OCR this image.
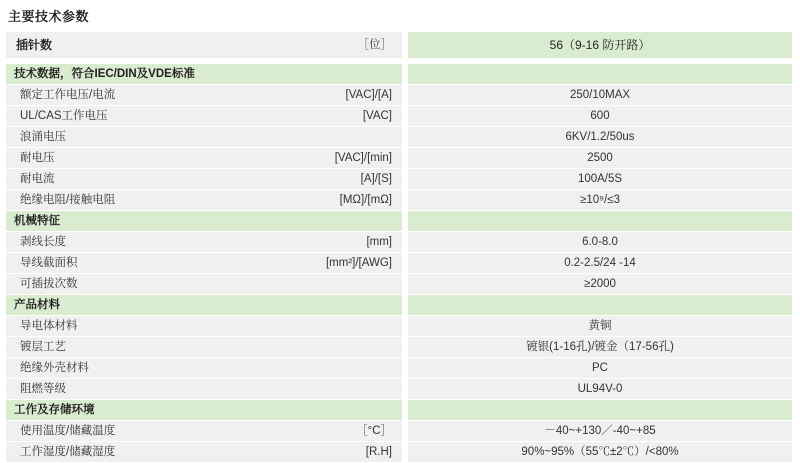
主要技术参数
插针数	［位］		56（9-16 防开路）

技术数据，符合IEC/DIN及VDE标准			
额定工作电压/电流	[VAC]/[A]		250/10MAX
UL/CAS工作电压	[VAC]		600
浪涌电压			6KV/1.2/50us
耐电压	[VAC]/[min]		2500
耐电流	[A]/[S]		100A/5S
绝缘电阻/接触电阻	[MΩ]/[mΩ]		≥10⁹/≤3
机械特征			
剥线长度	[mm]		6.0-8.0
导线截面积	[mm²]/[AWG]		0.2-2.5/24 -14
可插拔次数			≥2000
产品材料			
导电体材料			黄铜
镀层工艺			镀银(1-16孔)/镀金（17-56孔)
绝缘外壳材料			PC
阻燃等级			UL94V-0
工作及存储环境			
使用温度/储藏温度	［°C］		－40~+130／-40~+85
工作湿度/储藏湿度	[R.H]		90%~95%（55℃±2℃）/<80%
